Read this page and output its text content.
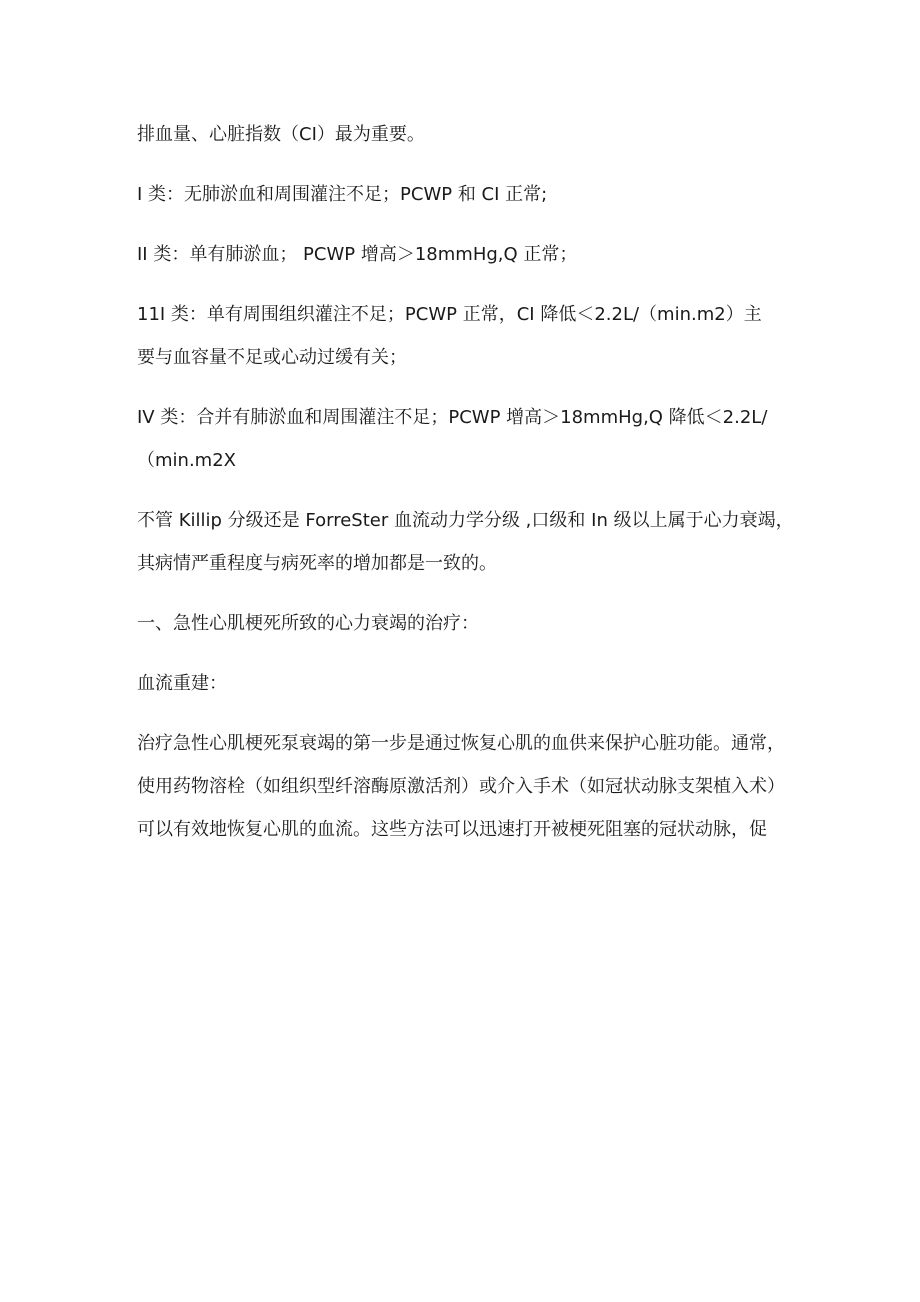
排血量、心脏指数（CI）最为重要。

I 类：无肺淤血和周围灌注不足；PCWP 和 CI 正常;

II 类：单有肺淤血； PCWP 增高＞18mmHg,Q 正常；

11I 类：单有周围组织灌注不足；PCWP 正常，CI 降低＜2.2L/（min.m2）主
要与血容量不足或心动过缓有关；

IV 类：合并有肺淤血和周围灌注不足；PCWP 增高＞18mmHg,Q 降低＜2.2L/
（min.m2X

不管 Killip 分级还是 ForreSter 血流动力学分级 ,口级和 In 级以上属于心力衰竭，
其病情严重程度与病死率的增加都是一致的。

一、急性心肌梗死所致的心力衰竭的治疗：

血流重建：

治疗急性心肌梗死泵衰竭的第一步是通过恢复心肌的血供来保护心脏功能。通常，
使用药物溶栓（如组织型纤溶酶原激活剂）或介入手术（如冠状动脉支架植入术）
可以有效地恢复心肌的血流。这些方法可以迅速打开被梗死阻塞的冠状动脉，促
